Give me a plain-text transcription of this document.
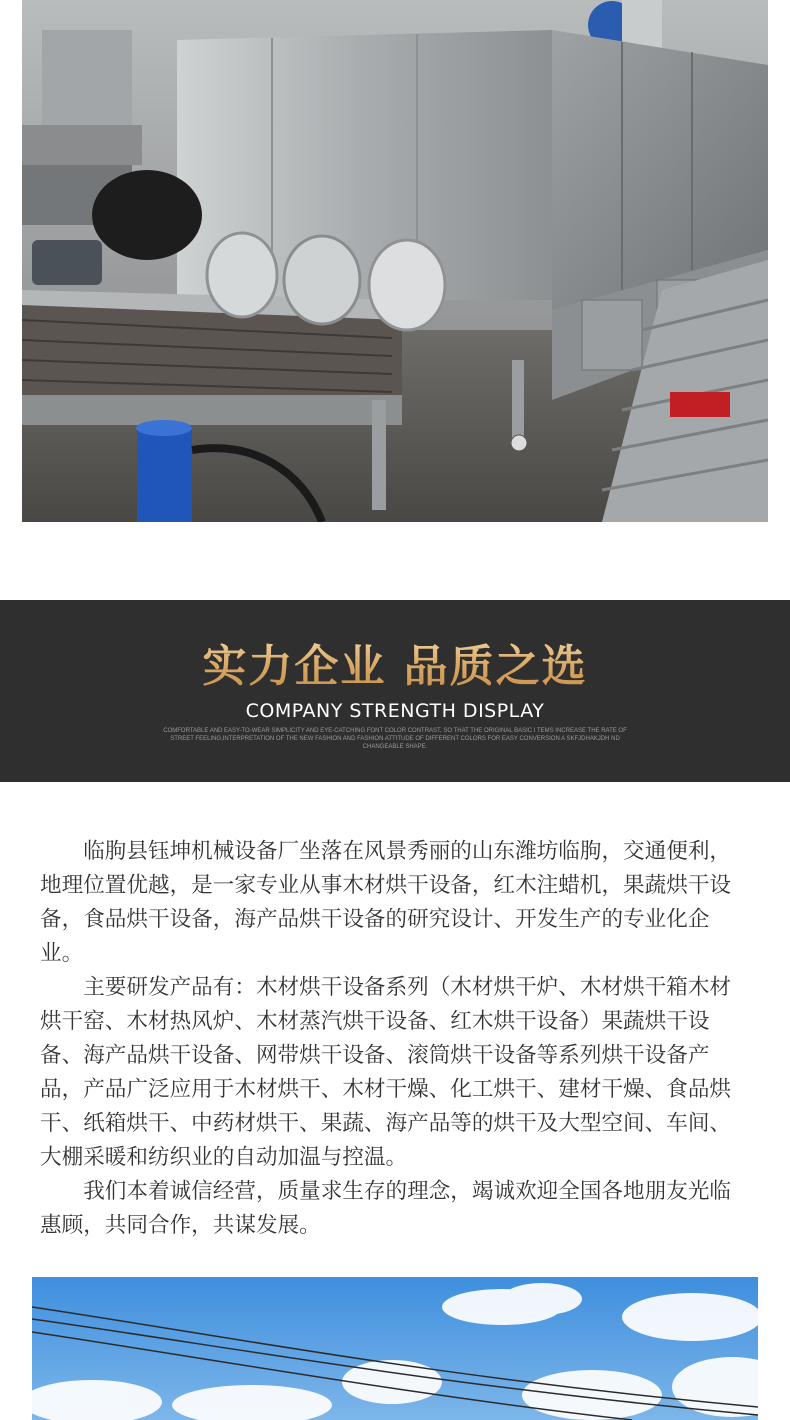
实力企业 品质之选
COMPANY STRENGTH DISPLAY
COMFORTABLE AND EASY-TO-WEAR SIMPLICITY AND EYE-CATCHING FONT COLOR CONTRAST, SO THAT THE ORIGINAL BASIC I TEMS INCREASE THE RATE OF STREET FEELING,INTERPRETATION OF THE NEW FASHION AND FASHION ATTITUDE OF DIFFERENT COLORS FOR EASY CONVERSION A SKFJDHAKJDH ND CHANGEABLE SHAPE.

临朐县钰坤机械设备厂坐落在风景秀丽的山东潍坊临朐，交通便利，地理位置优越，是一家专业从事木材烘干设备，红木注蜡机，果蔬烘干设备，食品烘干设备，海产品烘干设备的研究设计、开发生产的专业化企业。

主要研发产品有：木材烘干设备系列（木材烘干炉、木材烘干箱木材烘干窑、木材热风炉、木材蒸汽烘干设备、红木烘干设备）果蔬烘干设备、海产品烘干设备、网带烘干设备、滚筒烘干设备等系列烘干设备产品，产品广泛应用于木材烘干、木材干燥、化工烘干、建材干燥、食品烘干、纸箱烘干、中药材烘干、果蔬、海产品等的烘干及大型空间、车间、大棚采暖和纺织业的自动加温与控温。

我们本着诚信经营，质量求生存的理念，竭诚欢迎全国各地朋友光临惠顾，共同合作，共谋发展。
